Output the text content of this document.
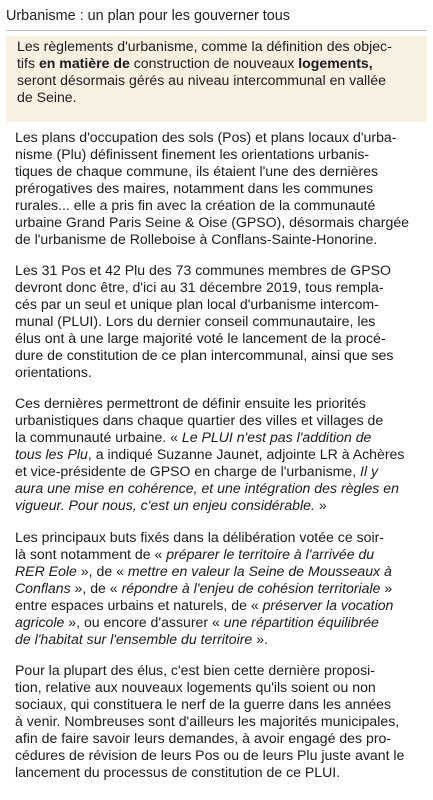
Urbanisme : un plan pour les gouverner tous
Les règlements d'urbanisme, comme la définition des objec-
tifs en matière de construction de nouveaux logements,
seront désormais gérés au niveau intercommunal en vallée
de Seine.
Les plans d'occupation des sols (Pos) et plans locaux d'urba-
nisme (Plu) définissent finement les orientations urbanis-
tiques de chaque commune, ils étaient l'une des dernières
prérogatives des maires, notamment dans les communes
rurales... elle a pris fin avec la création de la communauté
urbaine Grand Paris Seine & Oise (GPSO), désormais chargée
de l'urbanisme de Rolleboise à Conflans-Sainte-Honorine.
Les 31 Pos et 42 Plu des 73 communes membres de GPSO
devront donc être, d'ici au 31 décembre 2019, tous rempla-
cés par un seul et unique plan local d'urbanisme intercom-
munal (PLUI). Lors du dernier conseil communautaire, les
élus ont à une large majorité voté le lancement de la procé-
dure de constitution de ce plan intercommunal, ainsi que ses
orientations.
Ces dernières permettront de définir ensuite les priorités
urbanistiques dans chaque quartier des villes et villages de
la communauté urbaine. « Le PLUI n'est pas l'addition de
tous les Plu, a indiqué Suzanne Jaunet, adjointe LR à Achères
et vice-présidente de GPSO en charge de l'urbanisme, Il y
aura une mise en cohérence, et une intégration des règles en
vigueur. Pour nous, c'est un enjeu considérable. »
Les principaux buts fixés dans la délibération votée ce soir-
là sont notamment de « préparer le territoire à l'arrivée du
RER Eole », de « mettre en valeur la Seine de Mousseaux à
Conflans », de « répondre à l'enjeu de cohésion territoriale »
entre espaces urbains et naturels, de « préserver la vocation
agricole », ou encore d'assurer « une répartition équilibrée
de l'habitat sur l'ensemble du territoire ».
Pour la plupart des élus, c'est bien cette dernière proposi-
tion, relative aux nouveaux logements qu'ils soient ou non
sociaux, qui constituera le nerf de la guerre dans les années
à venir. Nombreuses sont d'ailleurs les majorités municipales,
afin de faire savoir leurs demandes, à avoir engagé des pro-
cédures de révision de leurs Pos ou de leurs Plu juste avant le
lancement du processus de constitution de ce PLUI.
